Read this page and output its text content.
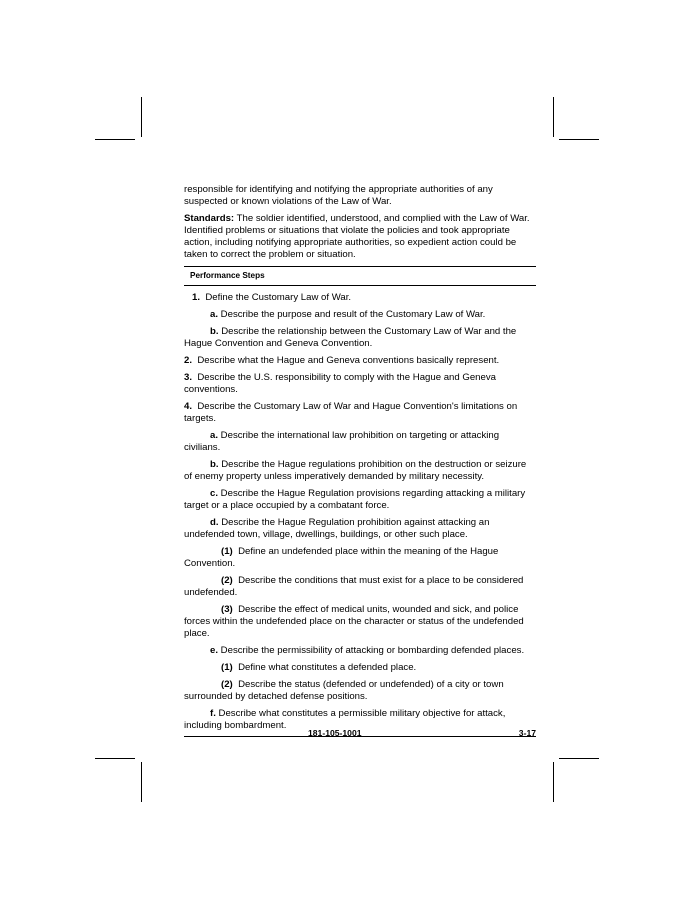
responsible for identifying and notifying the appropriate authorities of any suspected or known violations of the Law of War.

Standards: The soldier identified, understood, and complied with the Law of War. Identified problems or situations that violate the policies and took appropriate action, including notifying appropriate authorities, so expedient action could be taken to correct the problem or situation.

Performance Steps

1.  Define the Customary Law of War.

a. Describe the purpose and result of the Customary Law of War.

b. Describe the relationship between the Customary Law of War and the Hague Convention and Geneva Convention.

2.  Describe what the Hague and Geneva conventions basically represent.

3.  Describe the U.S. responsibility to comply with the Hague and Geneva conventions.

4.  Describe the Customary Law of War and Hague Convention's limitations on targets.

a. Describe the international law prohibition on targeting or attacking civilians.

b. Describe the Hague regulations prohibition on the destruction or seizure of enemy property unless imperatively demanded by military necessity.

c. Describe the Hague Regulation provisions regarding attacking a military target or a place occupied by a combatant force.

d. Describe the Hague Regulation prohibition against attacking an undefended town, village, dwellings, buildings, or other such place.

(1)  Define an undefended place within the meaning of the Hague Convention.

(2)  Describe the conditions that must exist for a place to be considered undefended.

(3)  Describe the effect of medical units, wounded and sick, and police forces within the undefended place on the character or status of the undefended place.

e. Describe the permissibility of attacking or bombarding defended places.

(1)  Define what constitutes a defended place.

(2)  Describe the status (defended or undefended) of a city or town surrounded by detached defense positions.

f. Describe what constitutes a permissible military objective for attack, including bombardment.

181-105-1001	3-17
